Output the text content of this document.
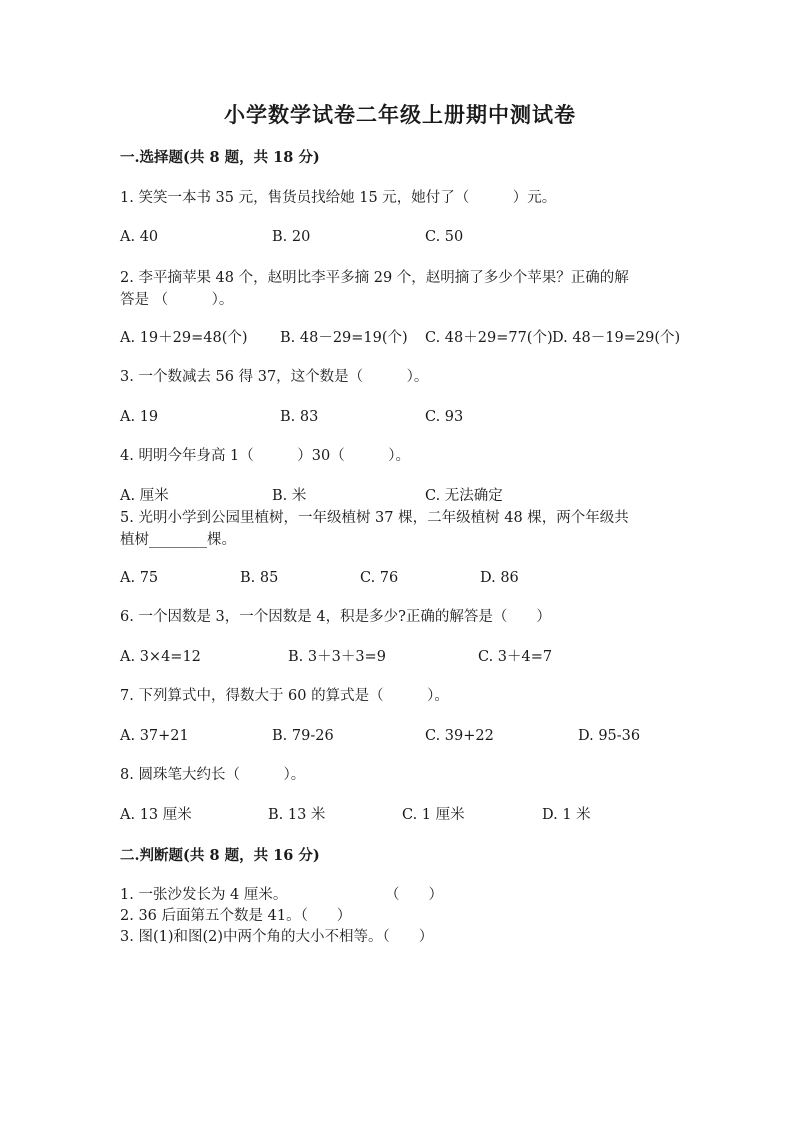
小学数学试卷二年级上册期中测试卷
一.选择题(共 8 题，共 18 分)
1. 笑笑一本书 35 元，售货员找给她 15 元，她付了（　　　）元。
A. 40	B. 20	C. 50
2. 李平摘苹果 48 个，赵明比李平多摘 29 个，赵明摘了多少个苹果？正确的解
答是 （　　　）。
A. 19＋29=48(个) B. 48－29=19(个) C. 48＋29=77(个) D. 48－19=29(个)
3. 一个数减去 56 得 37，这个数是（　　　）。
A. 19	B. 83	C. 93
4. 明明今年身高 1（　　　）30（　　　）。
A. 厘米	B. 米	C. 无法确定
5. 光明小学到公园里植树，一年级植树 37 棵，二年级植树 48 棵，两个年级共
植树________棵。
A. 75	B. 85	C. 76	D. 86
6. 一个因数是 3，一个因数是 4，积是多少?正确的解答是（　　）
A. 3×4=12	B. 3＋3＋3=9	C. 3＋4=7
7. 下列算式中，得数大于 60 的算式是（　　　）。
A. 37+21	B. 79-26	C. 39+22	D. 95-36
8. 圆珠笔大约长（　　　）。
A. 13 厘米	B. 13 米	C. 1 厘米	D. 1 米
二.判断题(共 8 题，共 16 分)
1. 一张沙发长为 4 厘米。	（　　）
2. 36 后面第五个数是 41。（　　）
3. 图(1)和图(2)中两个角的大小不相等。（　　）
